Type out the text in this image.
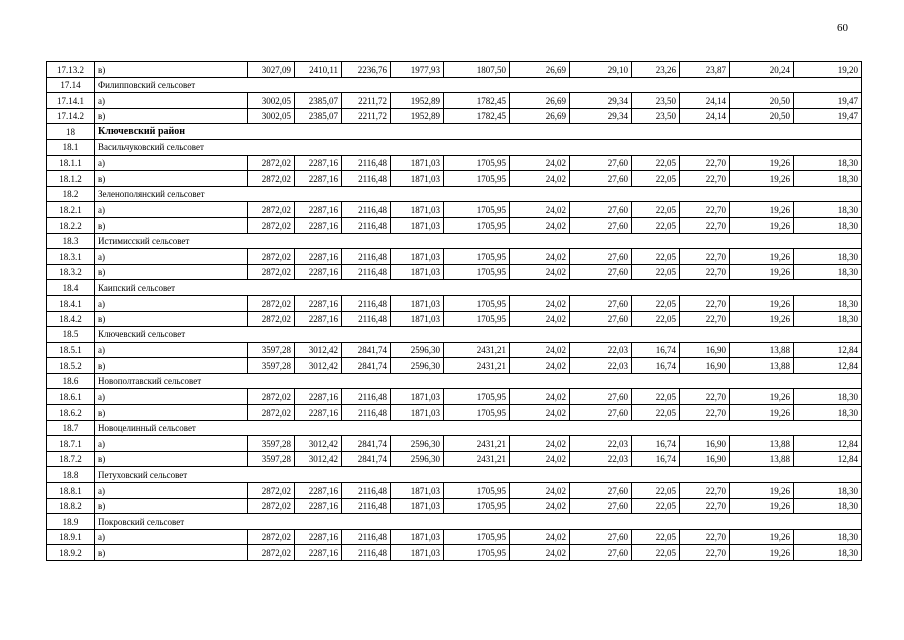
60
17.13.2	в)	3027,09	2410,11	2236,76	1977,93	1807,50	26,69	29,10	23,26	23,87	20,24	19,20
17.14	Филипповский сельсовет											
17.14.1	а)	3002,05	2385,07	2211,72	1952,89	1782,45	26,69	29,34	23,50	24,14	20,50	19,47
17.14.2	в)	3002,05	2385,07	2211,72	1952,89	1782,45	26,69	29,34	23,50	24,14	20,50	19,47
18	Ключевский район											
18.1	Васильчуковский сельсовет											
18.1.1	а)	2872,02	2287,16	2116,48	1871,03	1705,95	24,02	27,60	22,05	22,70	19,26	18,30
18.1.2	в)	2872,02	2287,16	2116,48	1871,03	1705,95	24,02	27,60	22,05	22,70	19,26	18,30
18.2	Зеленополянский сельсовет											
18.2.1	а)	2872,02	2287,16	2116,48	1871,03	1705,95	24,02	27,60	22,05	22,70	19,26	18,30
18.2.2	в)	2872,02	2287,16	2116,48	1871,03	1705,95	24,02	27,60	22,05	22,70	19,26	18,30
18.3	Истимисский сельсовет											
18.3.1	а)	2872,02	2287,16	2116,48	1871,03	1705,95	24,02	27,60	22,05	22,70	19,26	18,30
18.3.2	в)	2872,02	2287,16	2116,48	1871,03	1705,95	24,02	27,60	22,05	22,70	19,26	18,30
18.4	Каипский сельсовет											
18.4.1	а)	2872,02	2287,16	2116,48	1871,03	1705,95	24,02	27,60	22,05	22,70	19,26	18,30
18.4.2	в)	2872,02	2287,16	2116,48	1871,03	1705,95	24,02	27,60	22,05	22,70	19,26	18,30
18.5	Ключевский сельсовет											
18.5.1	а)	3597,28	3012,42	2841,74	2596,30	2431,21	24,02	22,03	16,74	16,90	13,88	12,84
18.5.2	в)	3597,28	3012,42	2841,74	2596,30	2431,21	24,02	22,03	16,74	16,90	13,88	12,84
18.6	Новополтавский сельсовет											
18.6.1	а)	2872,02	2287,16	2116,48	1871,03	1705,95	24,02	27,60	22,05	22,70	19,26	18,30
18.6.2	в)	2872,02	2287,16	2116,48	1871,03	1705,95	24,02	27,60	22,05	22,70	19,26	18,30
18.7	Новоцелинный сельсовет											
18.7.1	а)	3597,28	3012,42	2841,74	2596,30	2431,21	24,02	22,03	16,74	16,90	13,88	12,84
18.7.2	в)	3597,28	3012,42	2841,74	2596,30	2431,21	24,02	22,03	16,74	16,90	13,88	12,84
18.8	Петуховский сельсовет											
18.8.1	а)	2872,02	2287,16	2116,48	1871,03	1705,95	24,02	27,60	22,05	22,70	19,26	18,30
18.8.2	в)	2872,02	2287,16	2116,48	1871,03	1705,95	24,02	27,60	22,05	22,70	19,26	18,30
18.9	Покровский сельсовет											
18.9.1	а)	2872,02	2287,16	2116,48	1871,03	1705,95	24,02	27,60	22,05	22,70	19,26	18,30
18.9.2	в)	2872,02	2287,16	2116,48	1871,03	1705,95	24,02	27,60	22,05	22,70	19,26	18,30
